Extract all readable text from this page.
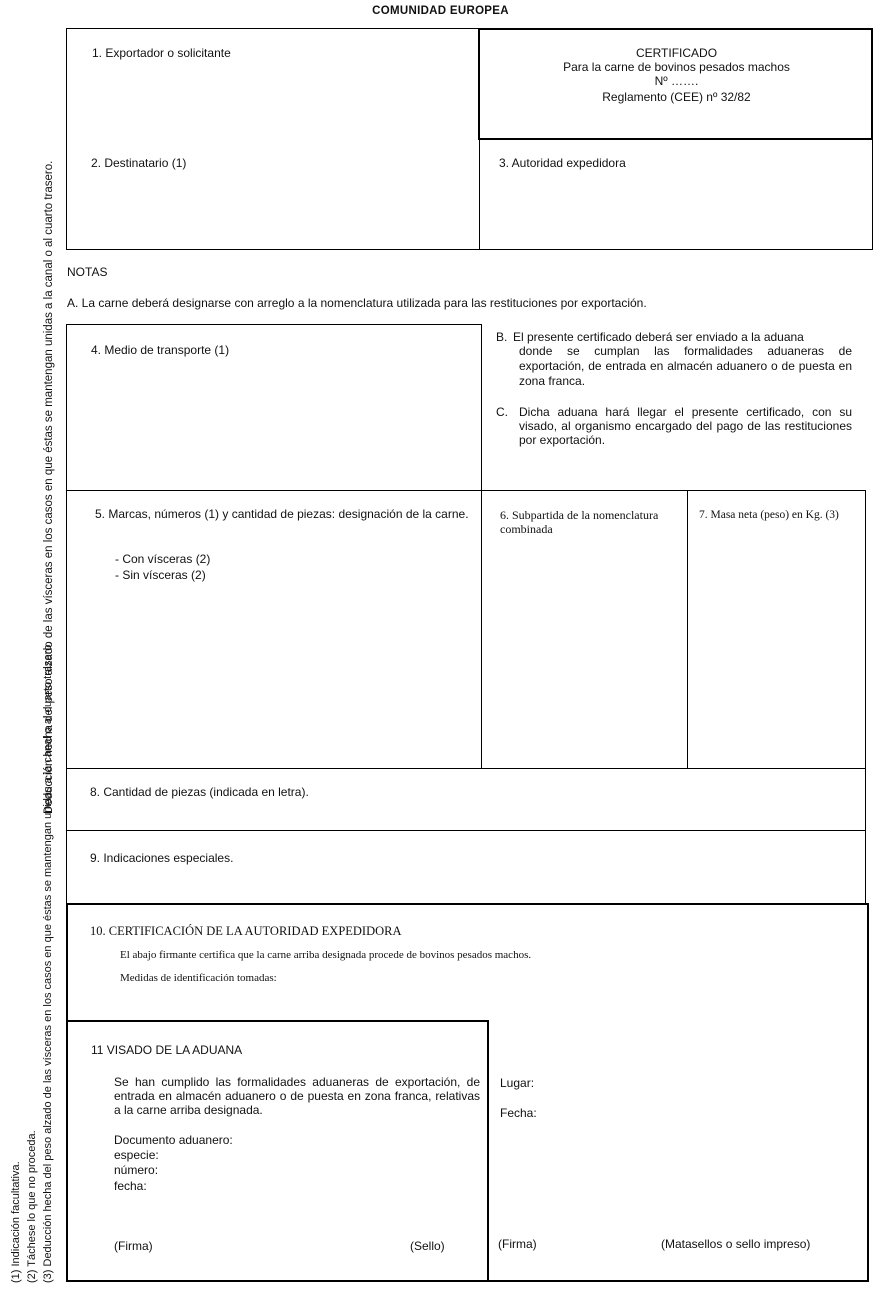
COMUNIDAD EUROPEA
1. Exportador o solicitante	CERTIFICADO
Para la carne de bovinos pesados machos
Nº …….
Reglamento (CEE) nº 32/82
2. Destinatario (1)	3. Autoridad expedidora
NOTAS
A. La carne deberá designarse con arreglo a la nomenclatura utilizada para las restituciones por exportación.
4. Medio de transporte (1)
B. El presente certificado deberá ser enviado a la aduana
donde se cumplan las formalidades aduaneras de exportación, de entrada en almacén aduanero o de puesta en zona franca.
C. Dicha aduana hará llegar el presente certificado, con su visado, al organismo encargado del pago de las restituciones por exportación.
5. Marcas, números (1) y cantidad de piezas: designación de la carne.
- Con vísceras (2)
- Sin vísceras (2)
6. Subpartida de la nomenclatura combinada
7. Masa neta (peso) en Kg. (3)
8. Cantidad de piezas (indicada en letra).
9. Indicaciones especiales.
10. CERTIFICACIÓN DE LA AUTORIDAD EXPEDIDORA
El abajo firmante certifica que la carne arriba designada procede de bovinos pesados machos.
Medidas de identificación tomadas:
11 VISADO DE LA ADUANA
Se han cumplido las formalidades aduaneras de exportación, de entrada en almacén aduanero o de puesta en zona franca, relativas a la carne arriba designada.
Documento aduanero:
especie:
número:
fecha:
(Firma)	(Sello)
Lugar:
Fecha:
(Firma)	(Matasellos o sello impreso)
Deducción hecha del peso alzado de las vísceras en los casos en que éstas se mantengan unidas a la canal o al cuarto trasero.
(1) Indicación facultativa. (2) Táchese lo que no proceda. (3) Deducción hecha del peso alzado de las vísceras en los casos en que éstas se mantengan unidas a la canal o al cuarto trasero.
